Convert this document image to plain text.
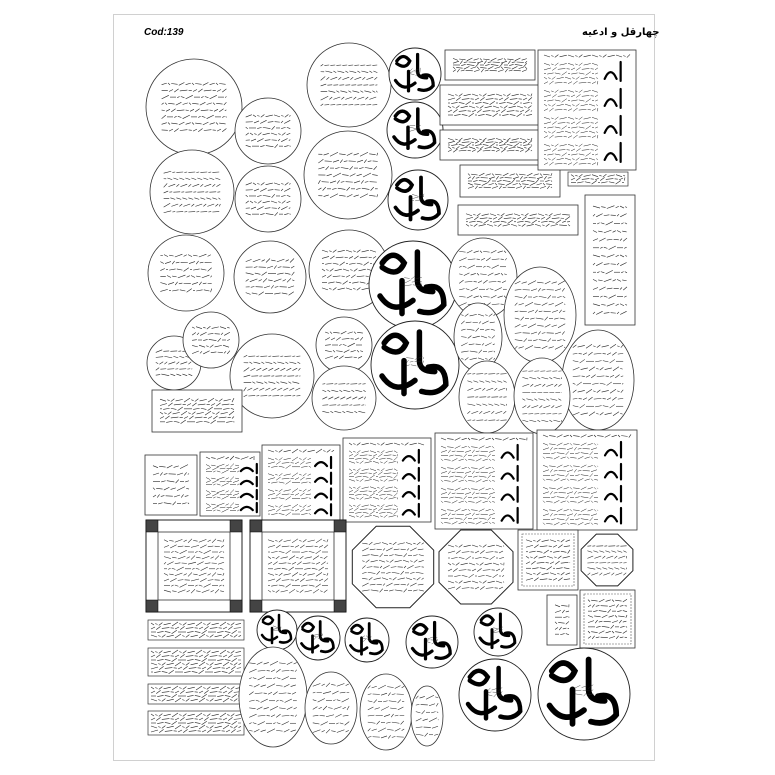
Cod:139	چهارقل و ادعیه
